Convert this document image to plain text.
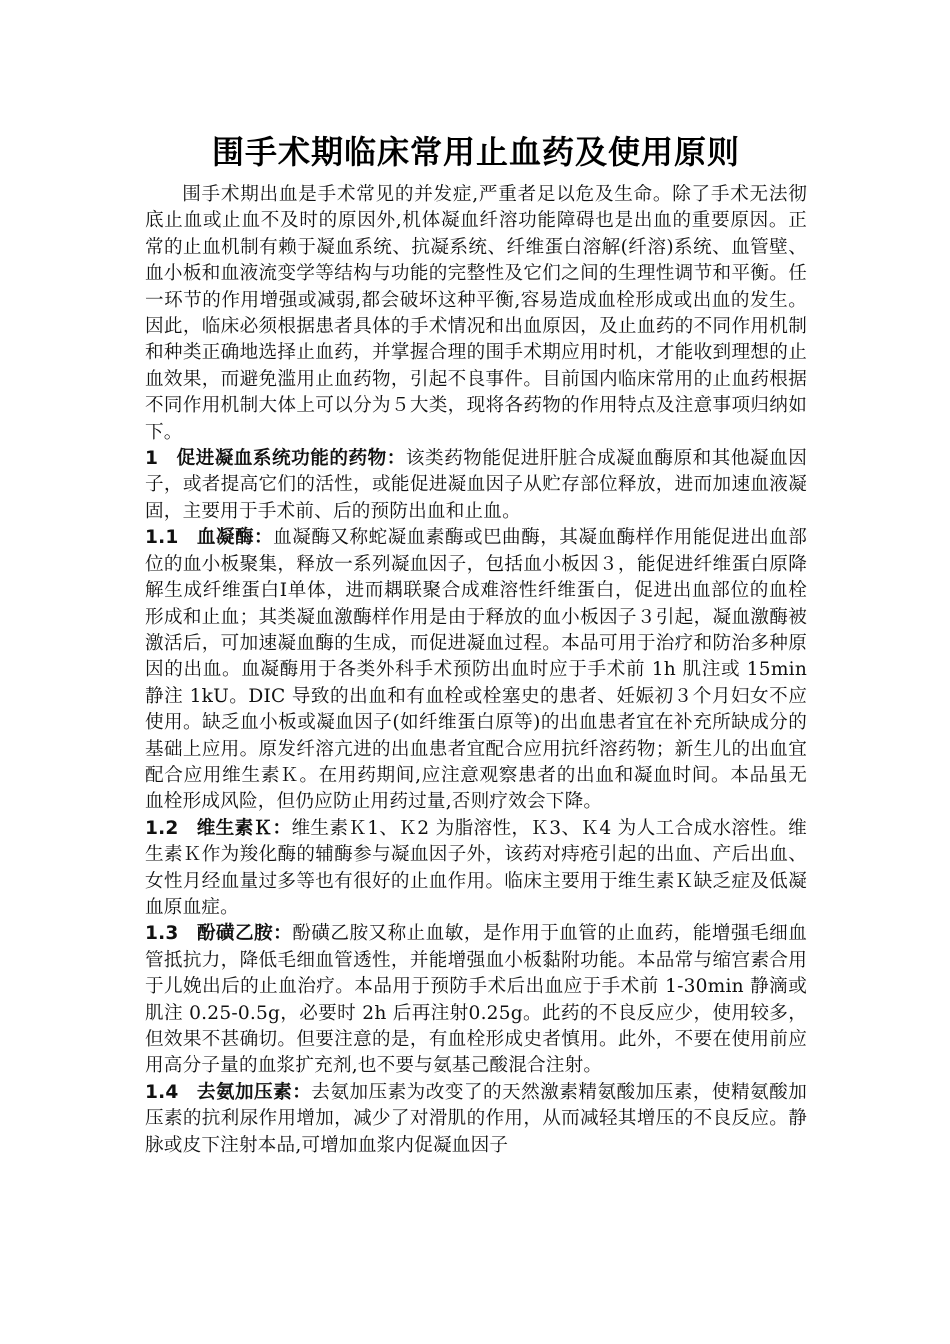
围手术期临床常用止血药及使用原则

围手术期出血是手术常见的并发症,严重者足以危及生命。除了手术无法彻底止血或止血不及时的原因外,机体凝血纤溶功能障碍也是出血的重要原因。正常的止血机制有赖于凝血系统、抗凝系统、纤维蛋白溶解(纤溶)系统、血管壁、血小板和血液流变学等结构与功能的完整性及它们之间的生理性调节和平衡。任一环节的作用增强或减弱,都会破坏这种平衡,容易造成血栓形成或出血的发生。因此，临床必须根据患者具体的手术情况和出血原因，及止血药的不同作用机制和种类正确地选择止血药，并掌握合理的围手术期应用时机，才能收到理想的止血效果，而避免滥用止血药物，引起不良事件。目前国内临床常用的止血药根据不同作用机制大体上可以分为５大类，现将各药物的作用特点及注意事项归纳如下。

1 促进凝血系统功能的药物：该类药物能促进肝脏合成凝血酶原和其他凝血因子，或者提高它们的活性，或能促进凝血因子从贮存部位释放，进而加速血液凝固，主要用于手术前、后的预防出血和止血。

1.1 血凝酶：血凝酶又称蛇凝血素酶或巴曲酶，其凝血酶样作用能促进出血部位的血小板聚集，释放一系列凝血因子，包括血小板因３，能促进纤维蛋白原降解生成纤维蛋白Ⅰ单体，进而耦联聚合成难溶性纤维蛋白，促进出血部位的血栓形成和止血；其类凝血激酶样作用是由于释放的血小板因子３引起，凝血激酶被激活后，可加速凝血酶的生成，而促进凝血过程。本品可用于治疗和防治多种原因的出血。血凝酶用于各类外科手术预防出血时应于手术前 1h 肌注或 15min 静注 1kU。DIC 导致的出血和有血栓或栓塞史的患者、妊娠初３个月妇女不应使用。缺乏血小板或凝血因子(如纤维蛋白原等)的出血患者宜在补充所缺成分的基础上应用。原发纤溶亢进的出血患者宜配合应用抗纤溶药物；新生儿的出血宜配合应用维生素Ｋ。在用药期间,应注意观察患者的出血和凝血时间。本品虽无血栓形成风险，但仍应防止用药过量,否则疗效会下降。

1.2 维生素Ｋ：维生素Ｋ1、Ｋ2 为脂溶性，Ｋ3、Ｋ4 为人工合成水溶性。维生素Ｋ作为羧化酶的辅酶参与凝血因子外，该药对痔疮引起的出血、产后出血、女性月经血量过多等也有很好的止血作用。临床主要用于维生素Ｋ缺乏症及低凝血原血症。

1.3 酚磺乙胺：酚磺乙胺又称止血敏，是作用于血管的止血药，能增强毛细血管抵抗力，降低毛细血管透性，并能增强血小板黏附功能。本品常与缩宫素合用于儿娩出后的止血治疗。本品用于预防手术后出血应于手术前 1-30min 静滴或肌注 0.25-0.5g，必要时 2h 后再注射0.25g。此药的不良反应少，使用较多，但效果不甚确切。但要注意的是，有血栓形成史者慎用。此外，不要在使用前应用高分子量的血浆扩充剂,也不要与氨基己酸混合注射。

1.4 去氨加压素：去氨加压素为改变了的天然激素精氨酸加压素，使精氨酸加压素的抗利尿作用增加，减少了对滑肌的作用，从而减轻其增压的不良反应。静脉或皮下注射本品,可增加血浆内促凝血因子
